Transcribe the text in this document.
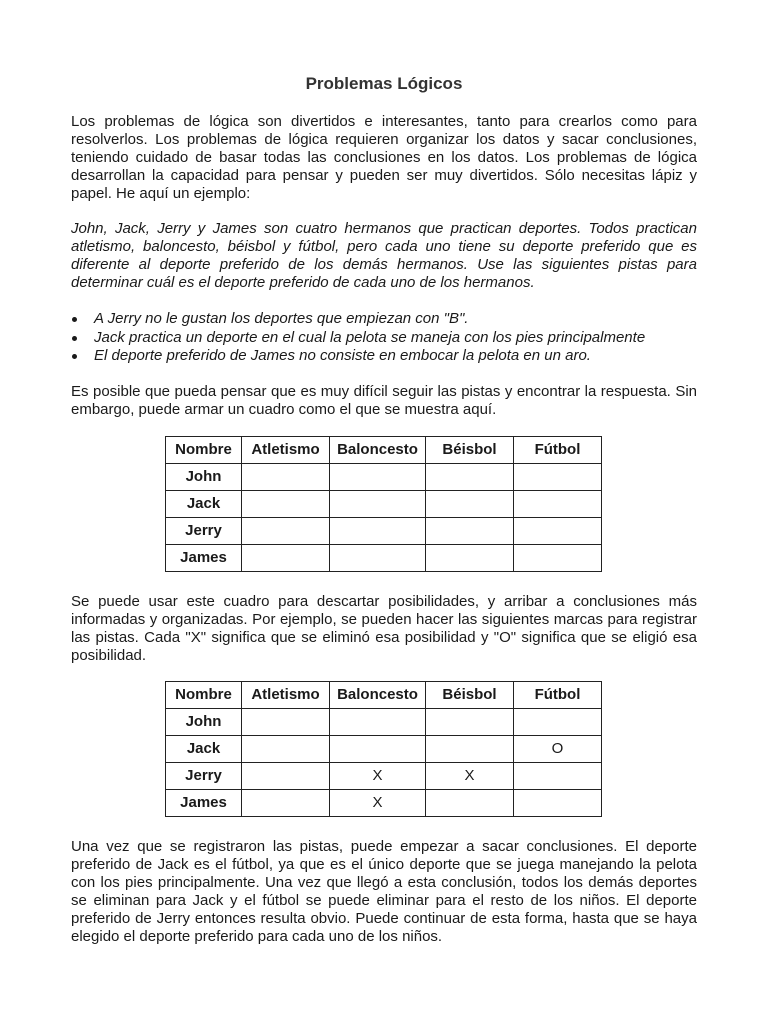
Problemas Lógicos

Los problemas de lógica son divertidos e interesantes, tanto para crearlos como para resolverlos. Los problemas de lógica requieren organizar los datos y sacar conclusiones, teniendo cuidado de basar todas las conclusiones en los datos. Los problemas de lógica desarrollan la capacidad para pensar y pueden ser muy divertidos. Sólo necesitas lápiz y papel. He aquí un ejemplo:

John, Jack, Jerry y James son cuatro hermanos que practican deportes. Todos practican atletismo, baloncesto, béisbol y fútbol, pero cada uno tiene su deporte preferido que es diferente al deporte preferido de los demás hermanos. Use las siguientes pistas para determinar cuál es el deporte preferido de cada uno de los hermanos.

A Jerry no le gustan los deportes que empiezan con "B".
Jack practica un deporte en el cual la pelota se maneja con los pies principalmente
El deporte preferido de James no consiste en embocar la pelota en un aro.

Es posible que pueda pensar que es muy difícil seguir las pistas y encontrar la respuesta. Sin embargo, puede armar un cuadro como el que se muestra aquí.

Nombre	Atletismo	Baloncesto	Béisbol	Fútbol
John				
Jack				
Jerry				
James				

Se puede usar este cuadro para descartar posibilidades, y arribar a conclusiones más informadas y organizadas. Por ejemplo, se pueden hacer las siguientes marcas para registrar las pistas. Cada "X" significa que se eliminó esa posibilidad y "O" significa que se eligió esa posibilidad.

Nombre	Atletismo	Baloncesto	Béisbol	Fútbol
John				
Jack				O
Jerry		X	X	
James		X		

Una vez que se registraron las pistas, puede empezar a sacar conclusiones. El deporte preferido de Jack es el fútbol, ya que es el único deporte que se juega manejando la pelota con los pies principalmente. Una vez que llegó a esta conclusión, todos los demás deportes se eliminan para Jack y el fútbol se puede eliminar para el resto de los niños. El deporte preferido de Jerry entonces resulta obvio. Puede continuar de esta forma, hasta que se haya elegido el deporte preferido para cada uno de los niños.
